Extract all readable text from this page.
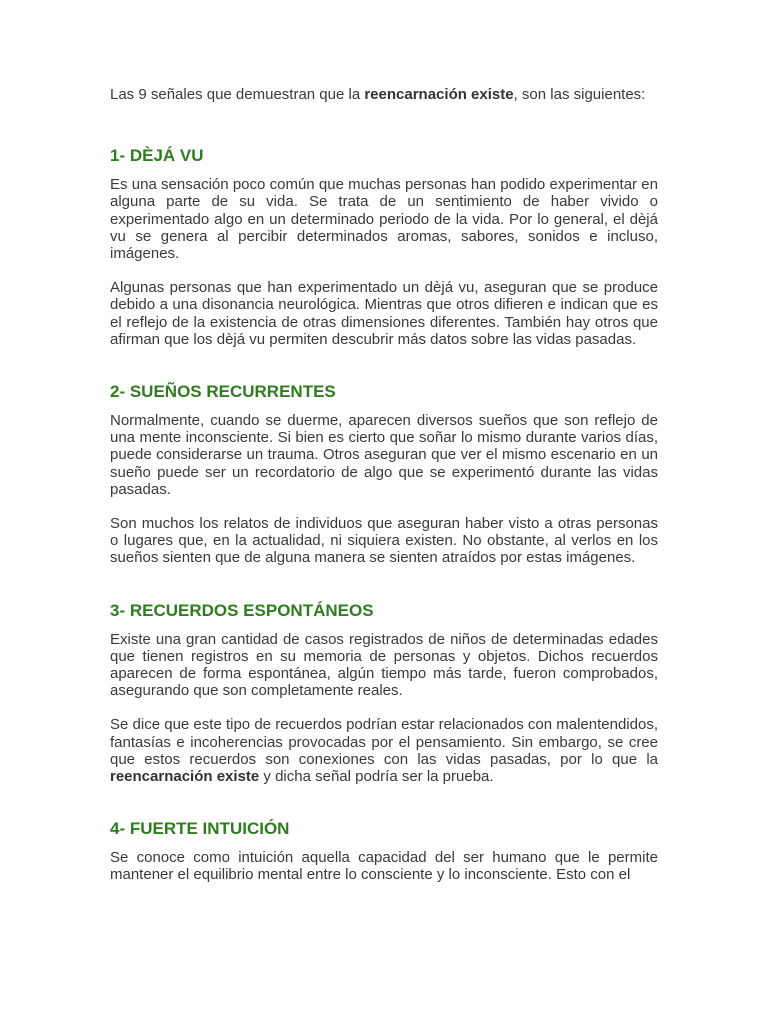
Las 9 señales que demuestran que la reencarnación existe, son las siguientes:

1- DÈJÁ VU

Es una sensación poco común que muchas personas han podido experimentar en alguna parte de su vida. Se trata de un sentimiento de haber vivido o experimentado algo en un determinado periodo de la vida. Por lo general, el dèjá vu se genera al percibir determinados aromas, sabores, sonidos e incluso, imágenes.

Algunas personas que han experimentado un dèjá vu, aseguran que se produce debido a una disonancia neurológica. Mientras que otros difieren e indican que es el reflejo de la existencia de otras dimensiones diferentes. También hay otros que afirman que los dèjá vu permiten descubrir más datos sobre las vidas pasadas.

2- SUEÑOS RECURRENTES

Normalmente, cuando se duerme, aparecen diversos sueños que son reflejo de una mente inconsciente. Si bien es cierto que soñar lo mismo durante varios días, puede considerarse un trauma. Otros aseguran que ver el mismo escenario en un sueño puede ser un recordatorio de algo que se experimentó durante las vidas pasadas.

Son muchos los relatos de individuos que aseguran haber visto a otras personas o lugares que, en la actualidad, ni siquiera existen. No obstante, al verlos en los sueños sienten que de alguna manera se sienten atraídos por estas imágenes.

3- RECUERDOS ESPONTÁNEOS

Existe una gran cantidad de casos registrados de niños de determinadas edades que tienen registros en su memoria de personas y objetos. Dichos recuerdos aparecen de forma espontánea, algún tiempo más tarde, fueron comprobados, asegurando que son completamente reales.

Se dice que este tipo de recuerdos podrían estar relacionados con malentendidos, fantasías e incoherencias provocadas por el pensamiento. Sin embargo, se cree que estos recuerdos son conexiones con las vidas pasadas, por lo que la reencarnación existe y dicha señal podría ser la prueba.

4- FUERTE INTUICIÓN

Se conoce como intuición aquella capacidad del ser humano que le permite mantener el equilibrio mental entre lo consciente y lo inconsciente. Esto con el
